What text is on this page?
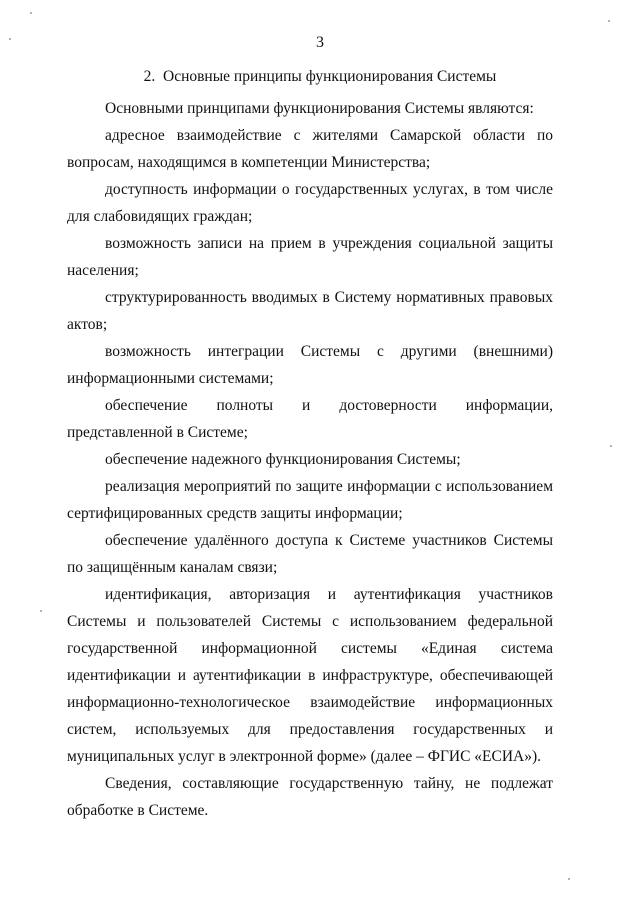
3
2.  Основные принципы функционирования Системы

Основными принципами функционирования Системы являются:

адресное взаимодействие с жителями Самарской области по вопросам, находящимся в компетенции Министерства;

доступность информации о государственных услугах, в том числе для слабовидящих граждан;

возможность записи на прием в учреждения социальной защиты населения;

структурированность вводимых в Систему нормативных правовых актов;

возможность интеграции Системы с другими (внешними) информационными системами;

обеспечение полноты и достоверности информации, представленной в Системе;

обеспечение надежного функционирования Системы;

реализация мероприятий по защите информации с использованием сертифицированных средств защиты информации;

обеспечение удалённого доступа к Системе участников Системы по защищённым каналам связи;

идентификация, авторизация и аутентификация участников Системы и пользователей Системы с использованием федеральной государственной информационной системы «Единая система идентификации и аутентификации в инфраструктуре, обеспечивающей информационно-технологическое взаимодействие информационных систем, используемых для предоставления государственных и муниципальных услуг в электронной форме» (далее – ФГИС «ЕСИА»).

Сведения, составляющие государственную тайну, не подлежат обработке в Системе.
